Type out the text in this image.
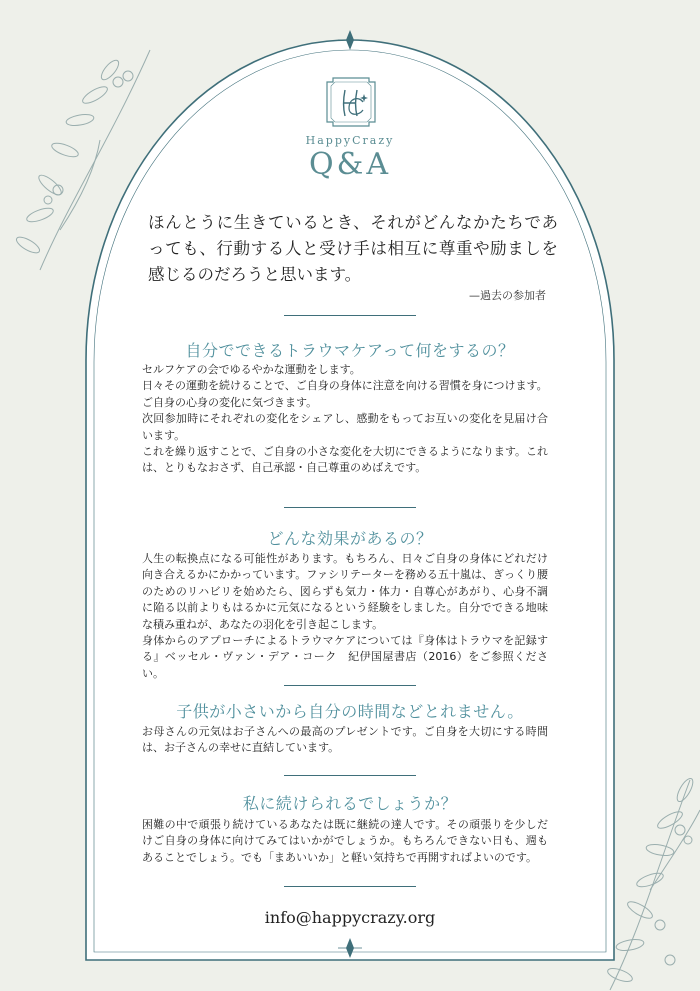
HappyCrazy
Q&A
ほんとうに生きているとき、それがどんなかたちであっても、行動する人と受け手は相互に尊重や励ましを感じるのだろうと思います。
—過去の参加者
自分でできるトラウマケアって何をするの？
セルフケアの会でゆるやかな運動をします。
日々その運動を続けることで、ご自身の身体に注意を向ける習慣を身につけます。
ご自身の心身の変化に気づきます。
次回参加時にそれぞれの変化をシェアし、感動をもってお互いの変化を見届け合います。
これを繰り返すことで、ご自身の小さな変化を大切にできるようになります。これは、とりもなおさず、自己承認・自己尊重のめばえです。
どんな効果があるの？
人生の転換点になる可能性があります。もちろん、日々ご自身の身体にどれだけ向き合えるかにかかっています。ファシリテーターを務める五十嵐は、ぎっくり腰のためのリハビリを始めたら、図らずも気力・体力・自尊心があがり、心身不調に陥る以前よりもはるかに元気になるという経験をしました。自分でできる地味な積み重ねが、あなたの羽化を引き起こします。
身体からのアプローチによるトラウマケアについては『身体はトラウマを記録する』ベッセル・ヴァン・デア・コーク　紀伊国屋書店（2016）をご参照ください。
子供が小さいから自分の時間などとれません。
お母さんの元気はお子さんへの最高のプレゼントです。ご自身を大切にする時間は、お子さんの幸せに直結しています。
私に続けられるでしょうか？
困難の中で頑張り続けているあなたは既に継続の達人です。その頑張りを少しだけご自身の身体に向けてみてはいかがでしょうか。もちろんできない日も、週もあることでしょう。でも「まあいいか」と軽い気持ちで再開すればよいのです。
info@happycrazy.org
